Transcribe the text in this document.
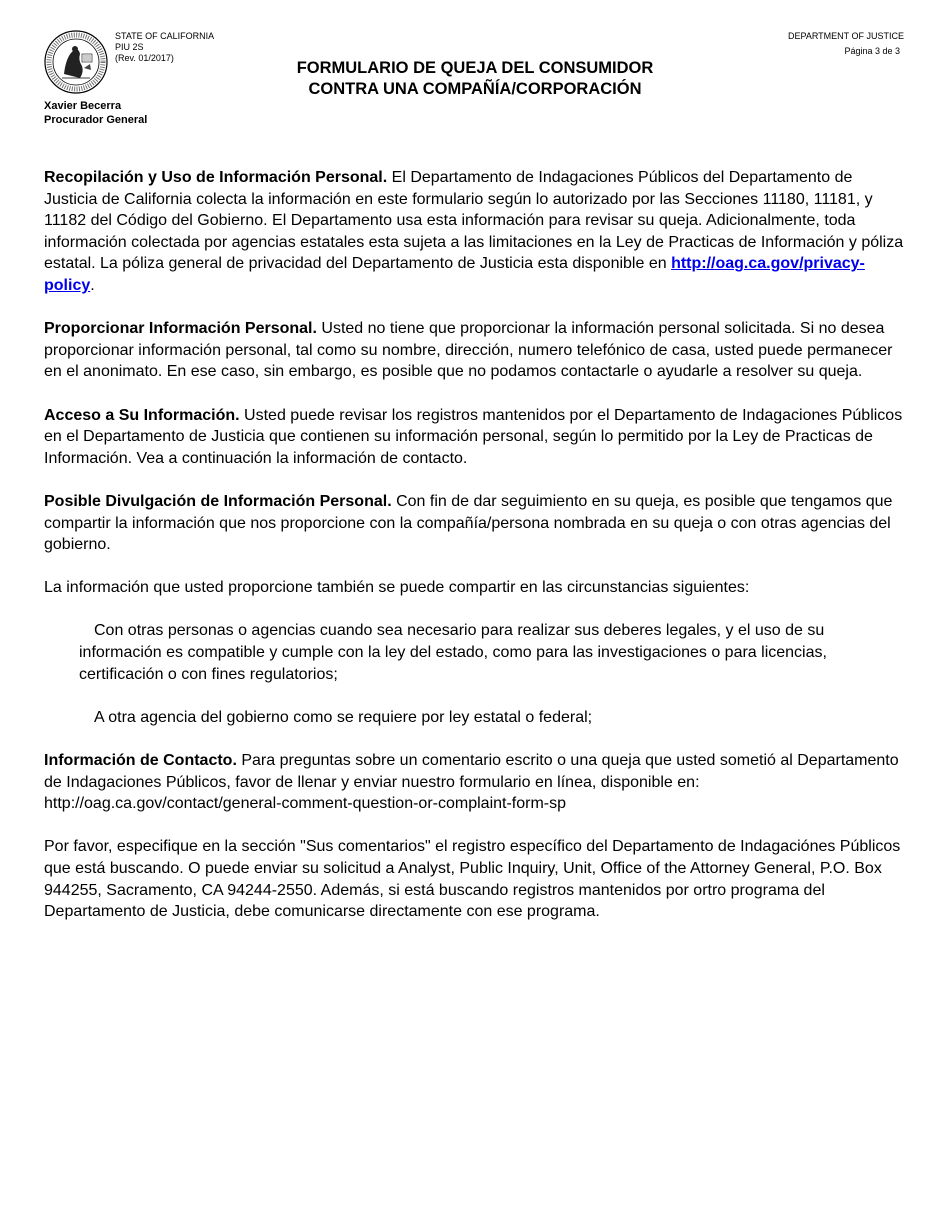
STATE OF CALIFORNIA
PIU 2S
(Rev. 01/2017)
DEPARTMENT OF JUSTICE
Página 3 de 3
Xavier Becerra
Procurador General
FORMULARIO DE QUEJA DEL CONSUMIDOR
CONTRA UNA COMPAÑÍA/CORPORACIÓN

Recopilación y Uso de Información Personal. El Departamento de Indagaciones Públicos del Departamento de Justicia de California colecta la información en este formulario según lo autorizado por las Secciones 11180, 11181, y 11182 del Código del Gobierno. El Departamento usa esta información para revisar su queja. Adicionalmente, toda información colectada por agencias estatales esta sujeta a las limitaciones en la Ley de Practicas de Información y póliza estatal. La póliza general de privacidad del Departamento de Justicia esta disponible en http://oag.ca.gov/privacy-policy.

Proporcionar Información Personal. Usted no tiene que proporcionar la información personal solicitada. Si no desea proporcionar información personal, tal como su nombre, dirección, numero telefónico de casa, usted puede permanecer en el anonimato. En ese caso, sin embargo, es posible que no podamos contactarle o ayudarle a resolver su queja.

Acceso a Su Información. Usted puede revisar los registros mantenidos por el Departamento de Indagaciones Públicos en el Departamento de Justicia que contienen su información personal, según lo permitido por la Ley de Practicas de Información. Vea a continuación la información de contacto.

Posible Divulgación de Información Personal. Con fin de dar seguimiento en su queja, es posible que tengamos que compartir la información que nos proporcione con la compañía/persona nombrada en su queja o con otras agencias del gobierno.

La información que usted proporcione también se puede compartir en las circunstancias siguientes:

Con otras personas o agencias cuando sea necesario para realizar sus deberes legales, y el uso de su información es compatible y cumple con la ley del estado, como para las investigaciones o para licencias, certificación o con fines regulatorios;

A otra agencia del gobierno como se requiere por ley estatal o federal;

Información de Contacto. Para preguntas sobre un comentario escrito o una queja que usted sometió al Departamento de Indagaciones Públicos, favor de llenar y enviar nuestro formulario en línea, disponible en: http://oag.ca.gov/contact/general-comment-question-or-complaint-form-sp

Por favor, especifique en la sección "Sus comentarios" el registro específico del Departamento de Indagaciónes Públicos que está buscando. O puede enviar su solicitud a Analyst, Public Inquiry, Unit, Office of the Attorney General, P.O. Box 944255, Sacramento, CA 94244-2550. Además, si está buscando registros mantenidos por ortro programa del Departamento de Justicia, debe comunicarse directamente con ese programa.
